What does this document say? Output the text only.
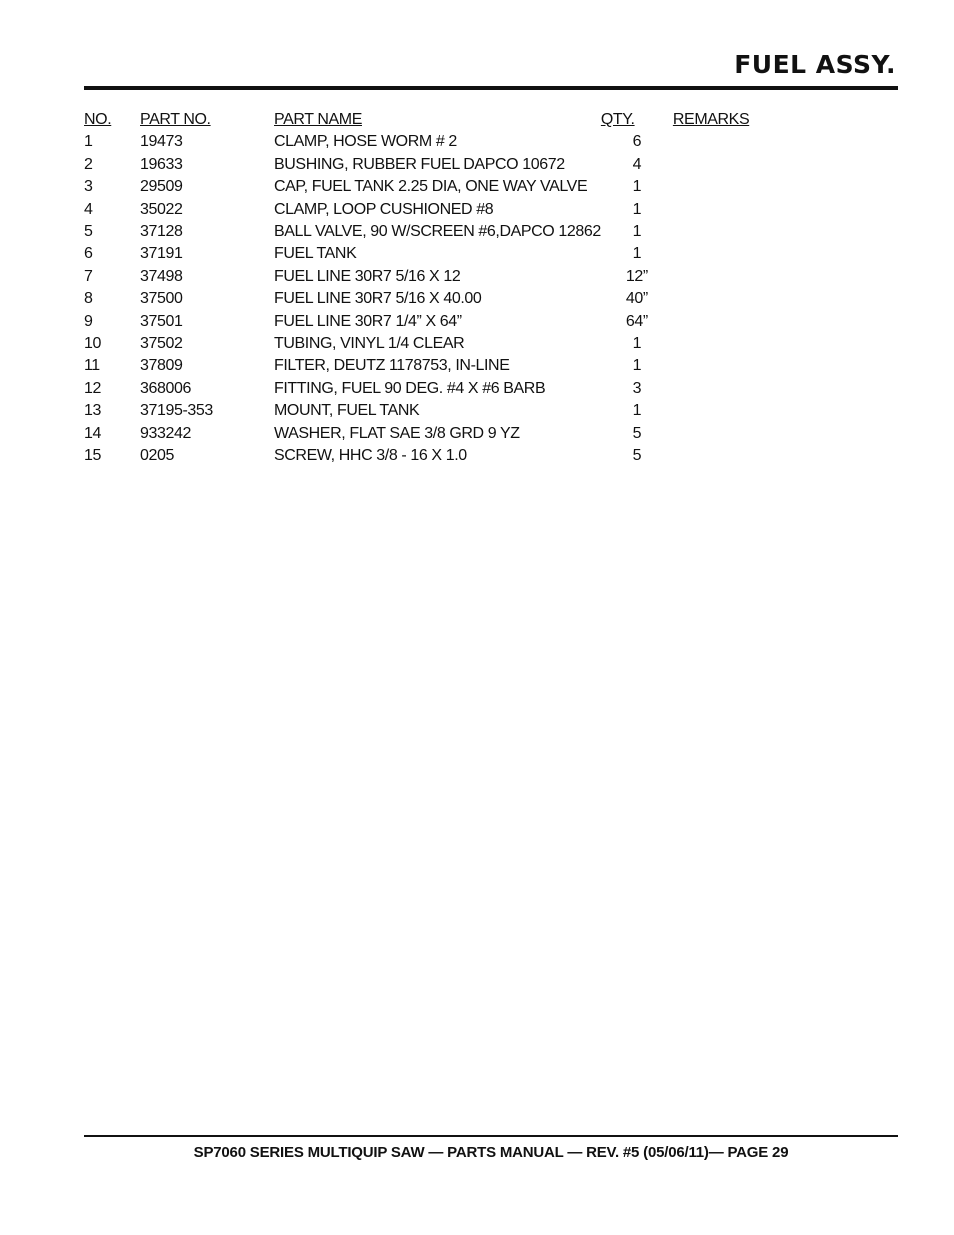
FUEL ASSY.
NO.	PART NO.	PART NAME	QTY.	REMARKS
1	19473	CLAMP, HOSE WORM # 2	6	
2	19633	BUSHING, RUBBER FUEL DAPCO 10672	4	
3	29509	CAP, FUEL TANK 2.25 DIA, ONE WAY VALVE	1	
4	35022	CLAMP, LOOP CUSHIONED #8	1	
5	37128	BALL VALVE, 90 W/SCREEN #6,DAPCO 12862	1	
6	37191	FUEL TANK	1	
7	37498	FUEL LINE 30R7 5/16 X 12	12”	
8	37500	FUEL LINE 30R7 5/16 X 40.00	40”	
9	37501	FUEL LINE 30R7 1/4” X 64”	64”	
10	37502	TUBING, VINYL 1/4 CLEAR	1	
11	37809	FILTER, DEUTZ 1178753, IN-LINE	1	
12	368006	FITTING, FUEL 90 DEG. #4 X #6 BARB	3	
13	37195-353	MOUNT, FUEL TANK	1	
14	933242	WASHER, FLAT SAE 3/8 GRD 9 YZ	5	
15	0205	SCREW, HHC 3/8 - 16 X 1.0	5	
SP7060 SERIES MULTIQUIP SAW — PARTS MANUAL — REV. #5 (05/06/11)— PAGE 29
